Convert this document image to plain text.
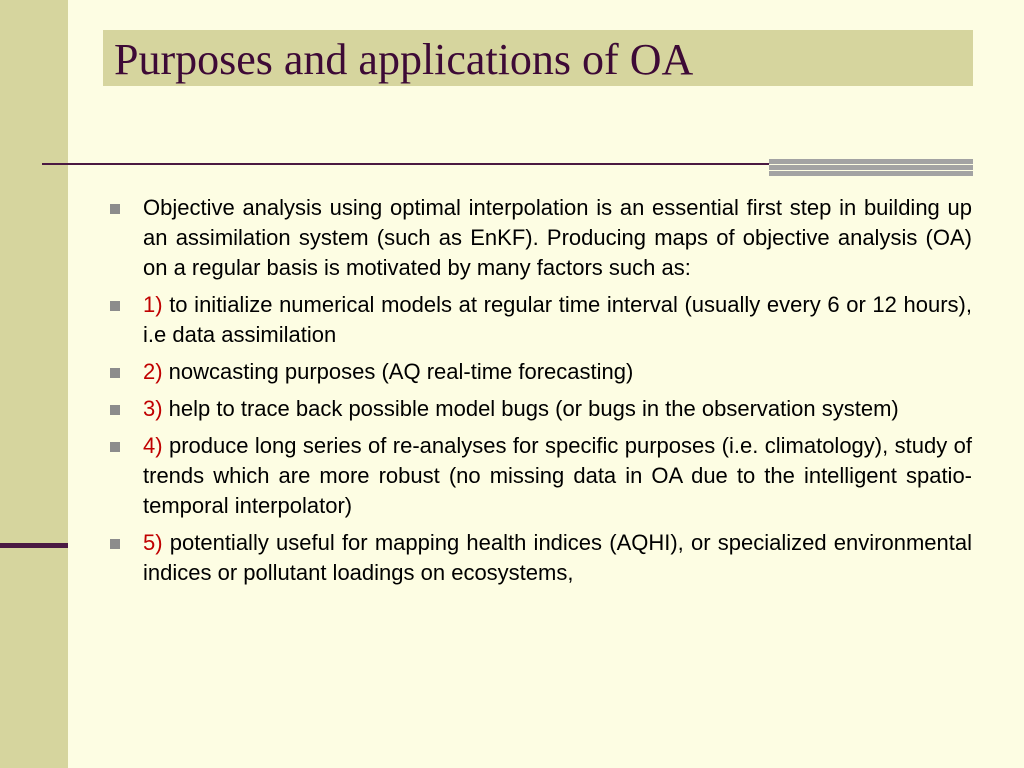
Purposes and applications of OA
Objective analysis using optimal interpolation is an essential first step in building up an assimilation system (such as EnKF). Producing maps of objective analysis (OA) on a regular basis is motivated by many factors such as:
1) to initialize numerical models at regular time interval (usually every 6 or 12 hours), i.e data assimilation
2) nowcasting purposes (AQ real-time forecasting)
3) help to trace back possible model bugs (or bugs in the observation system)
4) produce long series of re-analyses for specific purposes (i.e. climatology), study of trends which are more robust (no missing data in OA due to the intelligent spatio-temporal interpolator)
5) potentially useful for mapping health indices (AQHI), or specialized environmental indices or pollutant loadings on ecosystems,
